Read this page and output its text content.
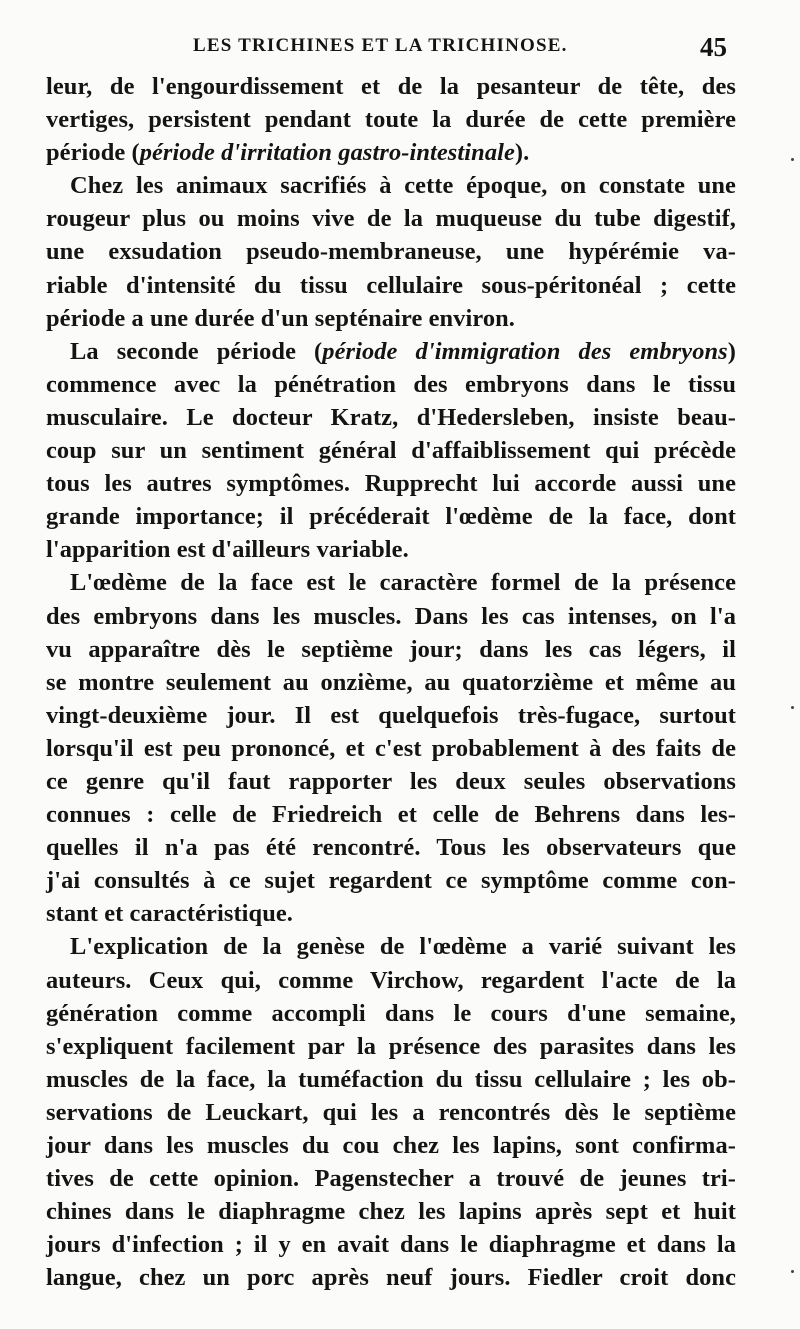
LES TRICHINES ET LA TRICHINOSE.	45
leur, de l'engourdissement et de la pesanteur de tête, des
vertiges, persistent pendant toute la durée de cette première
période (période d'irritation gastro-intestinale).
Chez les animaux sacrifiés à cette époque, on constate une
rougeur plus ou moins vive de la muqueuse du tube digestif,
une exsudation pseudo-membraneuse, une hypérémie va-
riable d'intensité du tissu cellulaire sous-péritonéal ; cette
période a une durée d'un septénaire environ.
La seconde période (période d'immigration des embryons)
commence avec la pénétration des embryons dans le tissu
musculaire. Le docteur Kratz, d'Hedersleben, insiste beau-
coup sur un sentiment général d'affaiblissement qui précède
tous les autres symptômes. Rupprecht lui accorde aussi une
grande importance; il précéderait l'œdème de la face, dont
l'apparition est d'ailleurs variable.
L'œdème de la face est le caractère formel de la présence
des embryons dans les muscles. Dans les cas intenses, on l'a
vu apparaître dès le septième jour; dans les cas légers, il
se montre seulement au onzième, au quatorzième et même au
vingt-deuxième jour. Il est quelquefois très-fugace, surtout
lorsqu'il est peu prononcé, et c'est probablement à des faits de
ce genre qu'il faut rapporter les deux seules observations
connues : celle de Friedreich et celle de Behrens dans les-
quelles il n'a pas été rencontré. Tous les observateurs que
j'ai consultés à ce sujet regardent ce symptôme comme con-
stant et caractéristique.
L'explication de la genèse de l'œdème a varié suivant les
auteurs. Ceux qui, comme Virchow, regardent l'acte de la
génération comme accompli dans le cours d'une semaine,
s'expliquent facilement par la présence des parasites dans les
muscles de la face, la tuméfaction du tissu cellulaire ; les ob-
servations de Leuckart, qui les a rencontrés dès le septième
jour dans les muscles du cou chez les lapins, sont confirma-
tives de cette opinion. Pagenstecher a trouvé de jeunes tri-
chines dans le diaphragme chez les lapins après sept et huit
jours d'infection ; il y en avait dans le diaphragme et dans la
langue, chez un porc après neuf jours. Fiedler croit donc
